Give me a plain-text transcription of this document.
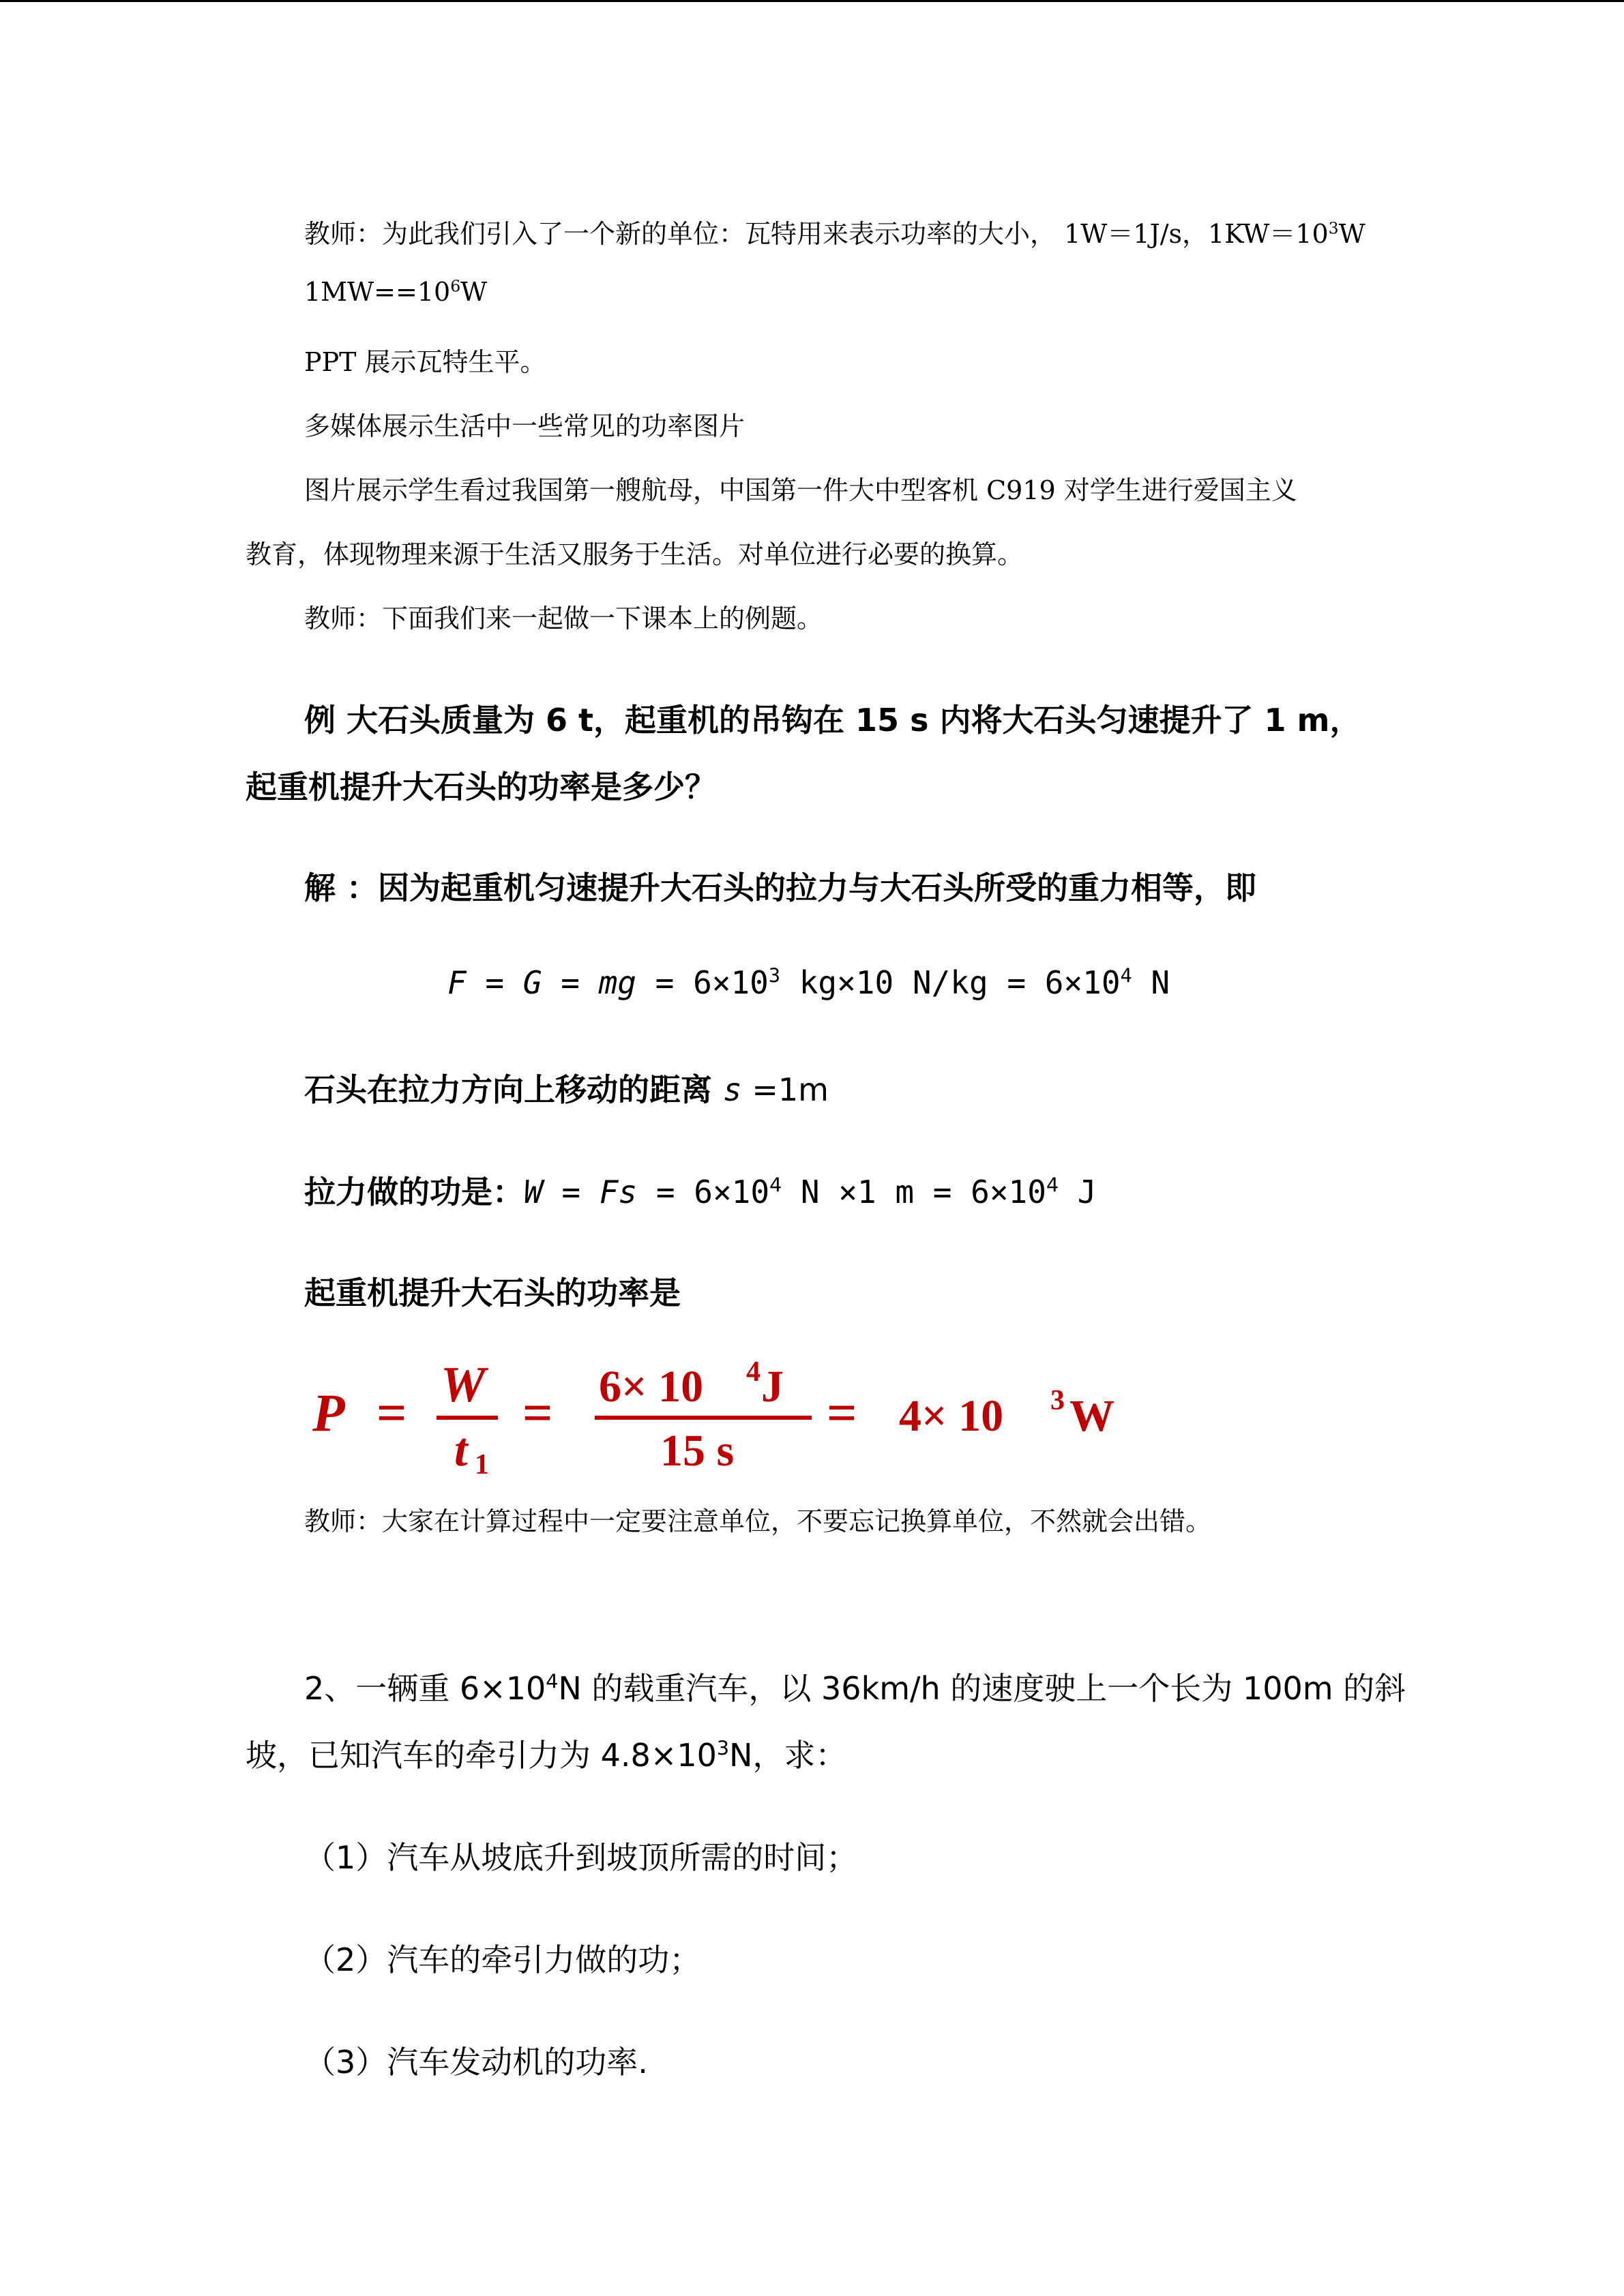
教师：为此我们引入了一个新的单位：瓦特用来表示功率的大小， 1W＝1J/s，$1KW=10^3W$
$1MW==10^6W$
PPT 展示瓦特生平。
多媒体展示生活中一些常见的功率图片
图片展示学生看过我国第一艘航母，中国第一件大中型客机 C919 对学生进行爱国主义
教育，体现物理来源于生活又服务于生活。对单位进行必要的换算。
教师：下面我们来一起做一下课本上的例题。
例 大石头质量为 6 t，起重机的吊钩在 15 s 内将大石头匀速提升了 1 m，
起重机提升大石头的功率是多少？
解 ：因为起重机匀速提升大石头的拉力与大石头所受的重力相等，即
F = G = mg = $6\times 10^3$ kg×10 $N/kg = 6\times 10^4$ N
石头在拉力方向上移动的距离 s =1m
拉力做的功是：$W = Fs = 6\times 10^4$ N ×1 $m = 6\times 10^4$ J
起重机提升大石头的功率是
P = W
t 1
= 6× 10 4 J
15 s
= 4× 10 3 W
教师：大家在计算过程中一定要注意单位，不要忘记换算单位，不然就会出错。
2、一辆重 $6\times 10^4N$ 的载重汽车，以 36km/h 的速度驶上一个长为 100m 的斜
坡，已知汽车的牵引力为 $4.8\times 10^3N$，求：
（1）汽车从坡底升到坡顶所需的时间；
（2）汽车的牵引力做的功；
（3）汽车发动机的功率.
